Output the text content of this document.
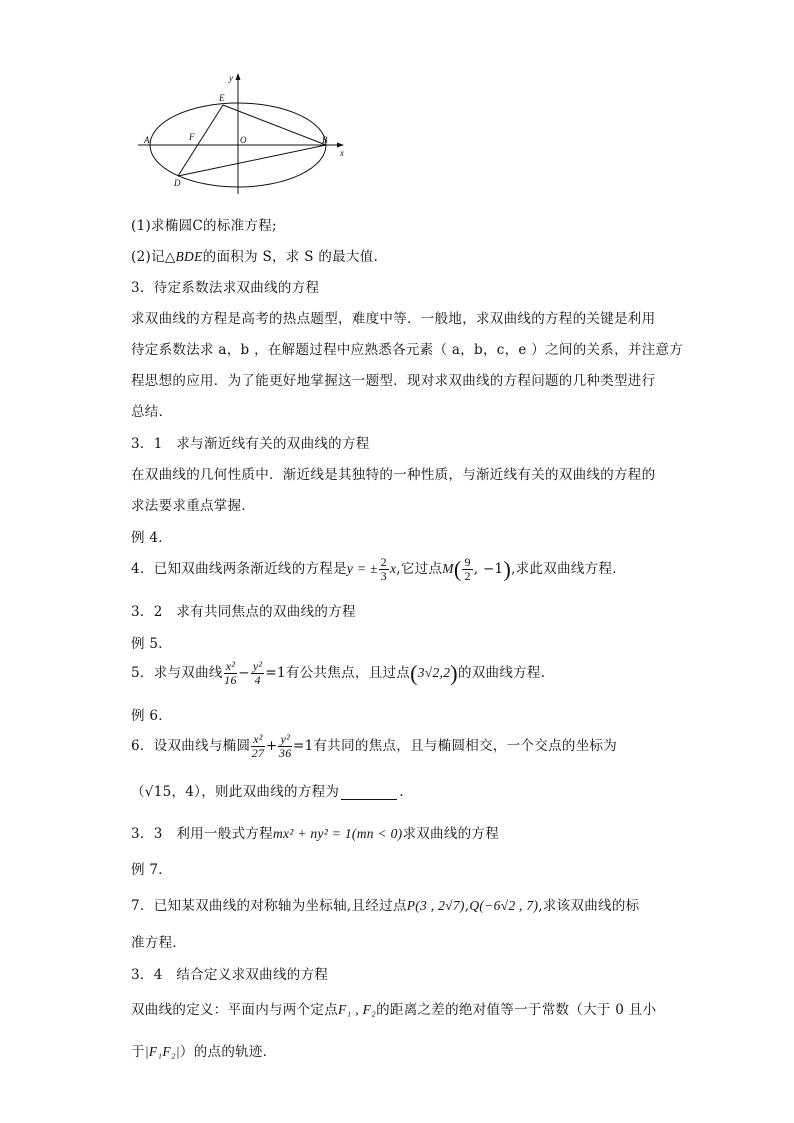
y
E
A	F	O	B
x
D
(1)求椭圆C的标准方程;
(2)记△BDE的面积为 S，求 S 的最大值.
3．待定系数法求双曲线的方程
求双曲线的方程是高考的热点题型，难度中等．一般地，求双曲线的方程的关键是利用
待定系数法求 a，b ，在解题过程中应熟悉各元素（ a，b，c，e ）之间的关系，并注意方
程思想的应用．为了能更好地掌握这一题型．现对求双曲线的方程问题的几种类型进行
总结．
3．1　求与渐近线有关的双曲线的方程
在双曲线的几何性质中．渐近线是其独特的一种性质，与渐近线有关的双曲线的方程的
求法要求重点掌握．
例 4．
4．已知双曲线两条渐近线的方程是y = ± $\frac{2}{3} x$,它过点$M( \frac{9}{2}$ , −1),求此双曲线方程．
3．2　求有共同焦点的双曲线的方程
例 5．
5．求与双曲线 $\frac{\text{x²}}{16} - \frac{\text{y²}}{4} =1$有公共焦点，且过点(3√2,2)的双曲线方程.
例 6．
6．设双曲线与椭圆 $\frac{\text{x²}}{27} + \frac{\text{y²}}{36} =1$有共同的焦点，且与椭圆相交，一个交点的坐标为
（√15，4），则此双曲线的方程为	.
3．3　利用一般式方程mx² + ny² = 1(mn < 0)求双曲线的方程
例 7．
7．已知某双曲线的对称轴为坐标轴,且经过点P(3 , 2√7),Q(−6√2 , 7),求该双曲线的标
准方程．
3．4　结合定义求双曲线的方程
双曲线的定义：平面内与两个定点F₁ , F₂的距离之差的绝对值等一于常数（大于 0 且小
于|F₁F₂|）的点的轨迹．
